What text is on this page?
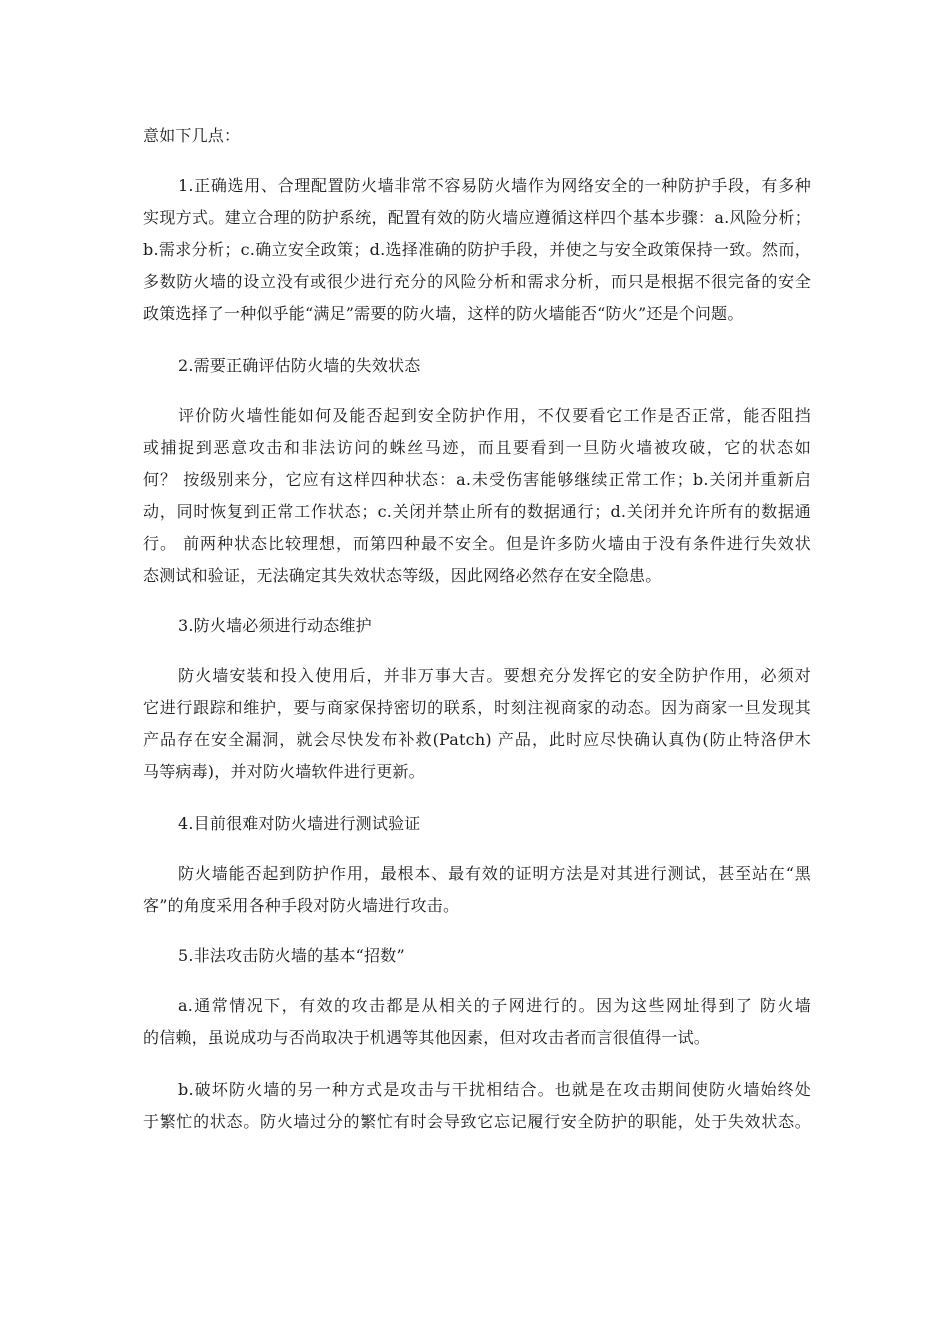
意如下几点：
1.正确选用、合理配置防火墙非常不容易防火墙作为网络安全的一种防护手段，有多种
实现方式。建立合理的防护系统，配置有效的防火墙应遵循这样四个基本步骤：a.风险分析；
b.需求分析；c.确立安全政策；d.选择准确的防护手段，并使之与安全政策保持一致。然而，
多数防火墙的设立没有或很少进行充分的风险分析和需求分析，而只是根据不很完备的安全
政策选择了一种似乎能“满足”需要的防火墙，这样的防火墙能否“防火”还是个问题。
2.需要正确评估防火墙的失效状态
评价防火墙性能如何及能否起到安全防护作用，不仅要看它工作是否正常，能否阻挡
或捕捉到恶意攻击和非法访问的蛛丝马迹，而且要看到一旦防火墙被攻破，它的状态如
何？ 按级别来分，它应有这样四种状态：a.未受伤害能够继续正常工作；b.关闭并重新启
动，同时恢复到正常工作状态；c.关闭并禁止所有的数据通行；d.关闭并允许所有的数据通
行。 前两种状态比较理想，而第四种最不安全。但是许多防火墙由于没有条件进行失效状
态测试和验证，无法确定其失效状态等级，因此网络必然存在安全隐患。
3.防火墙必须进行动态维护
防火墙安装和投入使用后，并非万事大吉。要想充分发挥它的安全防护作用，必须对
它进行跟踪和维护，要与商家保持密切的联系，时刻注视商家的动态。因为商家一旦发现其
产品存在安全漏洞，就会尽快发布补救(Patch) 产品，此时应尽快确认真伪(防止特洛伊木
马等病毒)，并对防火墙软件进行更新。
4.目前很难对防火墙进行测试验证
防火墙能否起到防护作用，最根本、最有效的证明方法是对其进行测试，甚至站在“黑
客”的角度采用各种手段对防火墙进行攻击。
5.非法攻击防火墙的基本“招数”
a.通常情况下，有效的攻击都是从相关的子网进行的。因为这些网址得到了 防火墙
的信赖，虽说成功与否尚取决于机遇等其他因素，但对攻击者而言很值得一试。
b.破坏防火墙的另一种方式是攻击与干扰相结合。也就是在攻击期间使防火墙始终处
于繁忙的状态。防火墙过分的繁忙有时会导致它忘记履行安全防护的职能，处于失效状态。
